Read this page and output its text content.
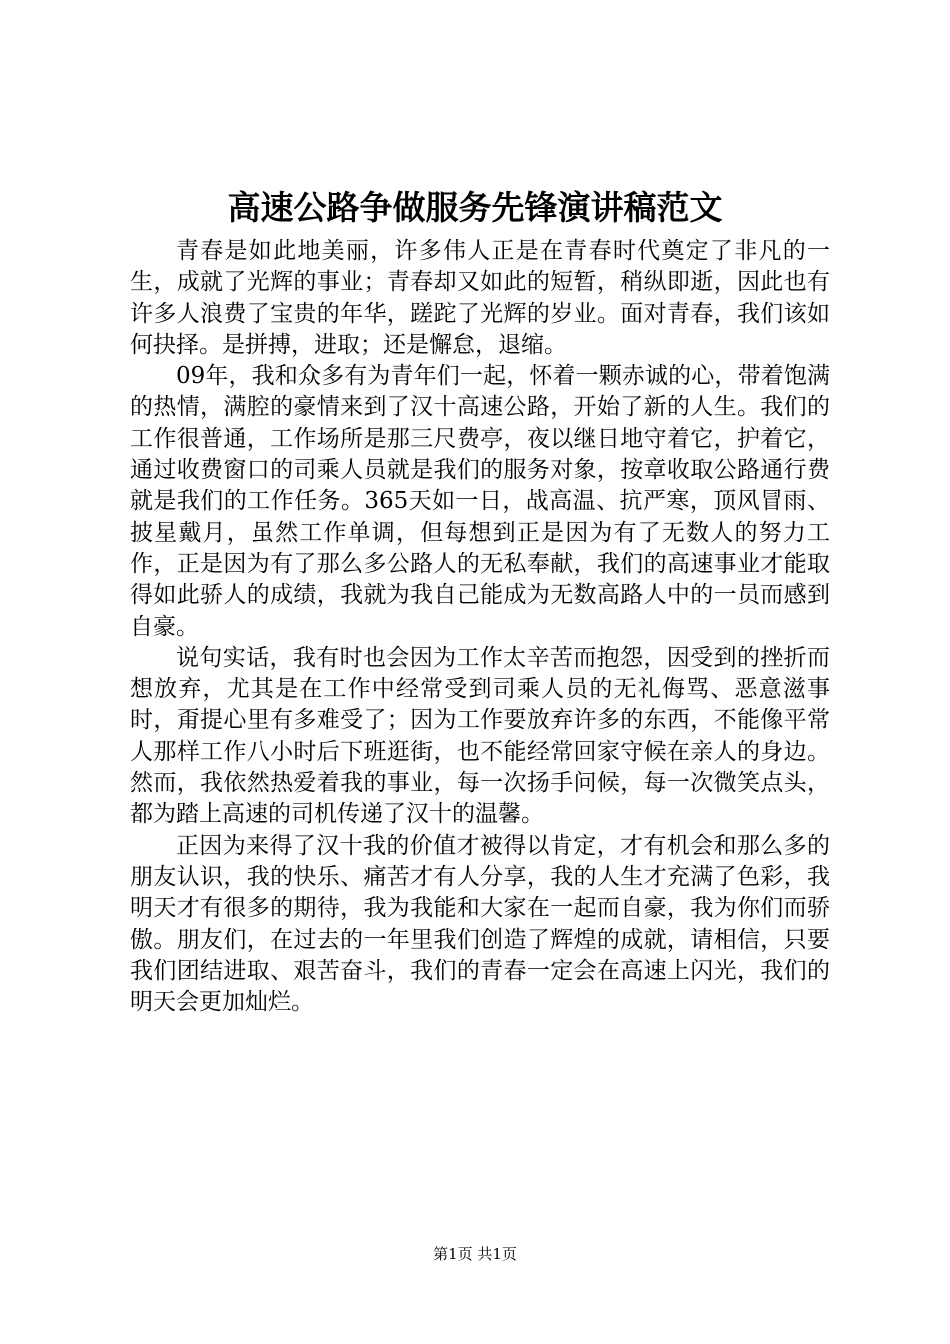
高速公路争做服务先锋演讲稿范文

青春是如此地美丽，许多伟人正是在青春时代奠定了非凡的一生，成就了光辉的事业；青春却又如此的短暂，稍纵即逝，因此也有许多人浪费了宝贵的年华，蹉跎了光辉的岁业。面对青春，我们该如何抉择。是拼搏，进取；还是懈怠，退缩。

09年，我和众多有为青年们一起，怀着一颗赤诚的心，带着饱满的热情，满腔的豪情来到了汉十高速公路，开始了新的人生。我们的工作很普通，工作场所是那三尺费亭，夜以继日地守着它，护着它，通过收费窗口的司乘人员就是我们的服务对象，按章收取公路通行费就是我们的工作任务。365天如一日，战高温、抗严寒，顶风冒雨、披星戴月，虽然工作单调，但每想到正是因为有了无数人的努力工作，正是因为有了那么多公路人的无私奉献，我们的高速事业才能取得如此骄人的成绩，我就为我自己能成为无数高路人中的一员而感到自豪。

说句实话，我有时也会因为工作太辛苦而抱怨，因受到的挫折而想放弃，尤其是在工作中经常受到司乘人员的无礼侮骂、恶意滋事时，甭提心里有多难受了；因为工作要放弃许多的东西，不能像平常人那样工作八小时后下班逛街，也不能经常回家守候在亲人的身边。然而，我依然热爱着我的事业，每一次扬手问候，每一次微笑点头，都为踏上高速的司机传递了汉十的温馨。

正因为来得了汉十我的价值才被得以肯定，才有机会和那么多的朋友认识，我的快乐、痛苦才有人分享，我的人生才充满了色彩，我明天才有很多的期待，我为我能和大家在一起而自豪，我为你们而骄傲。朋友们，在过去的一年里我们创造了辉煌的成就，请相信，只要我们团结进取、艰苦奋斗，我们的青春一定会在高速上闪光，我们的明天会更加灿烂。

第1页 共1页
